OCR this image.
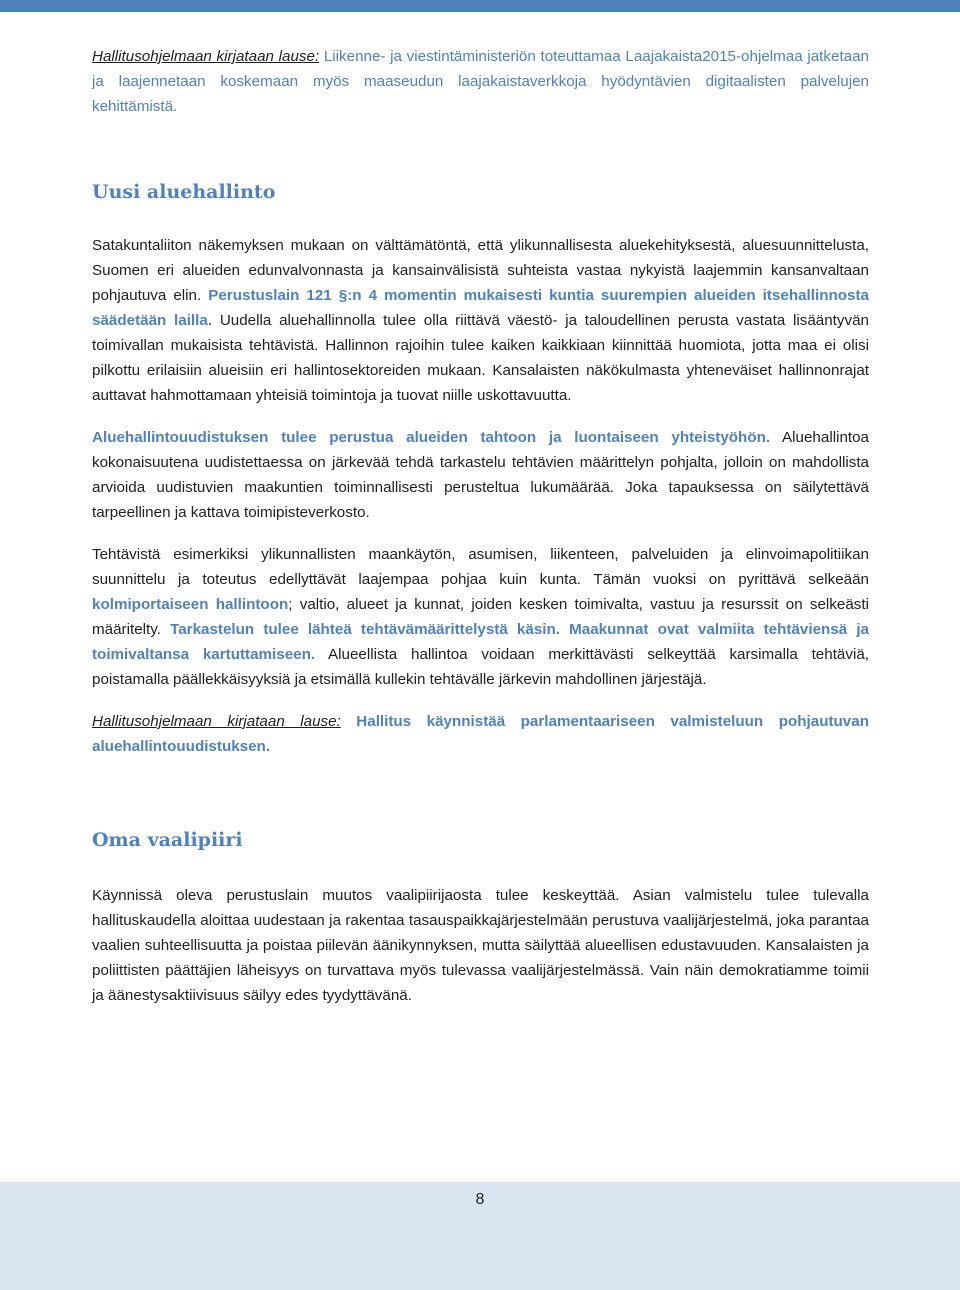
Hallitusohjelmaan kirjataan lause: Liikenne- ja viestintäministeriön toteuttamaa Laajakaista2015-ohjelmaa jatketaan ja laajennetaan koskemaan myös maaseudun laajakaistaverkkoja hyödyntävien digitaalisten palvelujen kehittämistä.

Uusi aluehallinto

Satakuntaliiton näkemyksen mukaan on välttämätöntä, että ylikunnallisesta aluekehityksestä, aluesuunnittelusta, Suomen eri alueiden edunvalvonnasta ja kansainvälisistä suhteista vastaa nykyistä laajemmin kansanvaltaan pohjautuva elin. Perustuslain 121 §:n 4 momentin mukaisesti kuntia suurempien alueiden itsehallinnosta säädetään lailla. Uudella aluehallinnolla tulee olla riittävä väestö- ja taloudellinen perusta vastata lisääntyvän toimivallan mukaisista tehtävistä. Hallinnon rajoihin tulee kaiken kaikkiaan kiinnittää huomiota, jotta maa ei olisi pilkottu erilaisiin alueisiin eri hallintosektoreiden mukaan. Kansalaisten näkökulmasta yhteneväiset hallinnonrajat auttavat hahmottamaan yhteisiä toimintoja ja tuovat niille uskottavuutta.

Aluehallintouudistuksen tulee perustua alueiden tahtoon ja luontaiseen yhteistyöhön. Aluehallintoa kokonaisuutena uudistettaessa on järkevää tehdä tarkastelu tehtävien määrittelyn pohjalta, jolloin on mahdollista arvioida uudistuvien maakuntien toiminnallisesti perusteltua lukumäärää. Joka tapauksessa on säilytettävä tarpeellinen ja kattava toimipisteverkosto.

Tehtävistä esimerkiksi ylikunnallisten maankäytön, asumisen, liikenteen, palveluiden ja elinvoimapolitiikan suunnittelu ja toteutus edellyttävät laajempaa pohjaa kuin kunta. Tämän vuoksi on pyrittävä selkeään kolmiportaiseen hallintoon; valtio, alueet ja kunnat, joiden kesken toimivalta, vastuu ja resurssit on selkeästi määritelty. Tarkastelun tulee lähteä tehtävämäärittelystä käsin. Maakunnat ovat valmiita tehtäviensä ja toimivaltansa kartuttamiseen. Alueellista hallintoa voidaan merkittävästi selkeyttää karsimalla tehtäviä, poistamalla päällekkäisyyksiä ja etsimällä kullekin tehtävälle järkevin mahdollinen järjestäjä.

Hallitusohjelmaan kirjataan lause: Hallitus käynnistää parlamentaariseen valmisteluun pohjautuvan aluehallintouudistuksen.

Oma vaalipiiri

Käynnissä oleva perustuslain muutos vaalipiirijaosta tulee keskeyttää. Asian valmistelu tulee tulevalla hallituskaudella aloittaa uudestaan ja rakentaa tasauspaikkajärjestelmään perustuva vaalijärjestelmä, joka parantaa vaalien suhteellisuutta ja poistaa piilevän äänikynnyksen, mutta säilyttää alueellisen edustavuuden. Kansalaisten ja poliittisten päättäjien läheisyys on turvattava myös tulevassa vaalijärjestelmässä. Vain näin demokratiamme toimii ja äänestysaktiivisuus säilyy edes tyydyttävänä.

8
